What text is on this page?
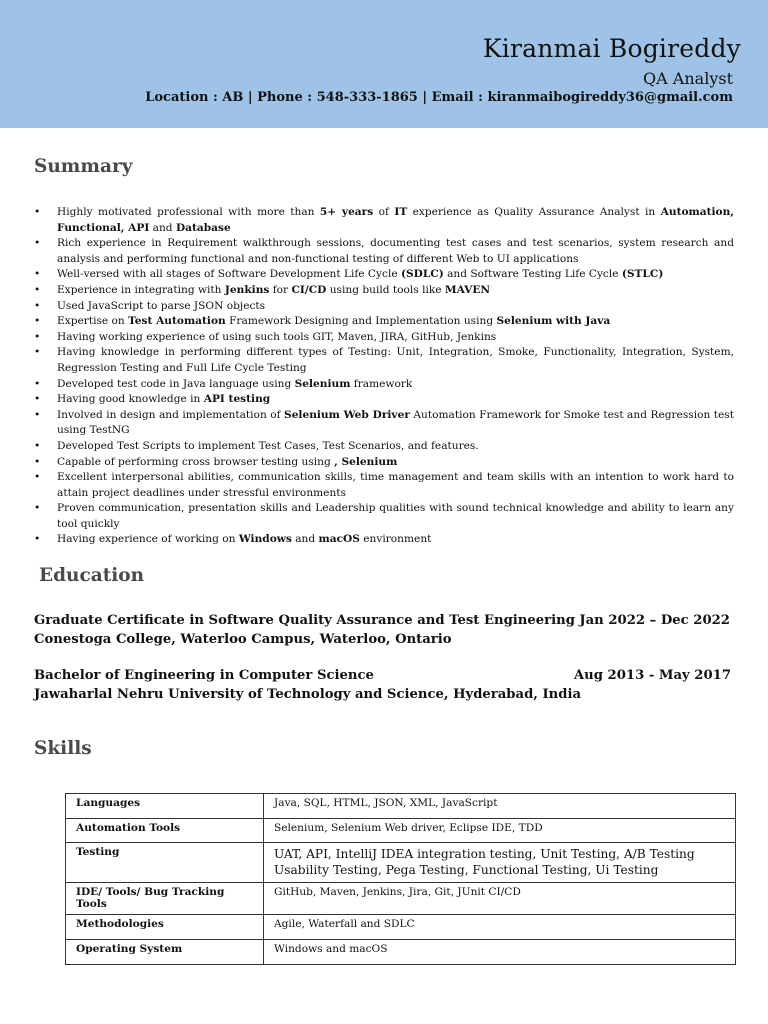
Kiranmai Bogireddy
QA Analyst
Location : AB | Phone : 548-333-1865 | Email : kiranmaibogireddy36@gmail.com
Summary
• Highly motivated professional with more than 5+ years of IT experience as Quality Assurance Analyst in Automation, Functional, API and Database
• Rich experience in Requirement walkthrough sessions, documenting test cases and test scenarios, system research and analysis and performing functional and non-functional testing of different Web to UI applications
• Well-versed with all stages of Software Development Life Cycle (SDLC) and Software Testing Life Cycle (STLC)
• Experience in integrating with Jenkins for CI/CD using build tools like MAVEN
• Used JavaScript to parse JSON objects
• Expertise on Test Automation Framework Designing and Implementation using Selenium with Java
• Having working experience of using such tools GIT, Maven, JIRA, GitHub, Jenkins
• Having knowledge in performing different types of Testing: Unit, Integration, Smoke, Functionality, Integration, System, Regression Testing and Full Life Cycle Testing
• Developed test code in Java language using Selenium framework
• Having good knowledge in API testing
• Involved in design and implementation of Selenium Web Driver Automation Framework for Smoke test and Regression test using TestNG
• Developed Test Scripts to implement Test Cases, Test Scenarios, and features.
• Capable of performing cross browser testing using , Selenium
• Excellent interpersonal abilities, communication skills, time management and team skills with an intention to work hard to attain project deadlines under stressful environments
• Proven communication, presentation skills and Leadership qualities with sound technical knowledge and ability to learn any tool quickly
• Having experience of working on Windows and macOS environment
Education
Graduate Certificate in Software Quality Assurance and Test Engineering Jan 2022 – Dec 2022
Conestoga College, Waterloo Campus, Waterloo, Ontario
Bachelor of Engineering in Computer Science	Aug 2013 - May 2017
Jawaharlal Nehru University of Technology and Science, Hyderabad, India
Skills
Languages	Java, SQL, HTML, JSON, XML, JavaScript
Automation Tools	Selenium, Selenium Web driver, Eclipse IDE, TDD
Testing	UAT, API, IntelliJ IDEA integration testing, Unit Testing, A/B Testing
Usability Testing, Pega Testing, Functional Testing, Ui Testing

IDE/ Tools/ Bug Tracking Tools	GitHub, Maven, Jenkins, Jira, Git, JUnit CI/CD
Methodologies	Agile, Waterfall and SDLC
Operating System	Windows and macOS
